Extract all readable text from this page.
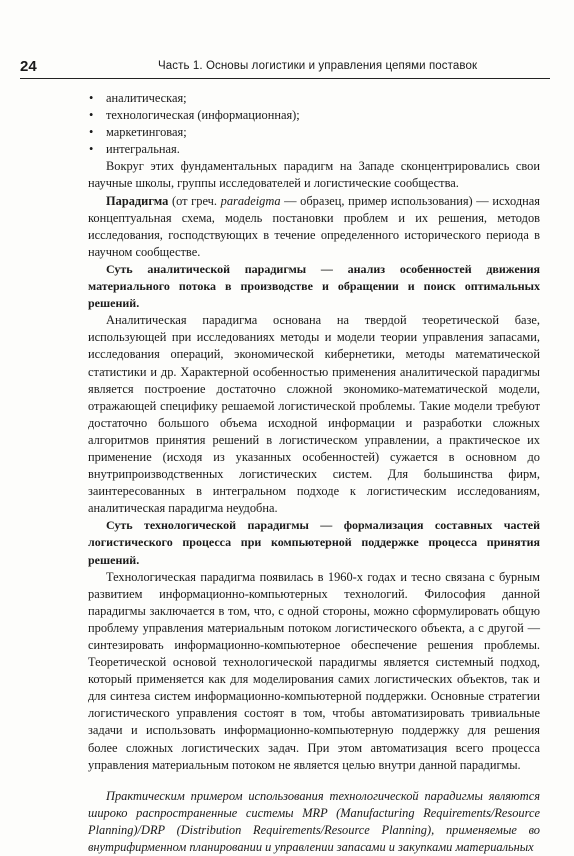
24	Часть 1. Основы логистики и управления цепями поставок
• аналитическая;
• технологическая (информационная);
• маркетинговая;
• интегральная.

Вокруг этих фундаментальных парадигм на Западе сконцентрировались свои научные школы, группы исследователей и логистические сообщества.

Парадигма (от греч. paradeigma — образец, пример использования) — исходная концептуальная схема, модель постановки проблем и их решения, методов исследования, господствующих в течение определенного исторического периода в научном сообществе.

Суть аналитической парадигмы — анализ особенностей движения материального потока в производстве и обращении и поиск оптимальных решений.

Аналитическая парадигма основана на твердой теоретической базе, использующей при исследованиях методы и модели теории управления запасами, исследования операций, экономической кибернетики, методы математической статистики и др. Характерной особенностью применения аналитической парадигмы является построение достаточно сложной экономико-математической модели, отражающей специфику решаемой логистической проблемы. Такие модели требуют достаточно большого объема исходной информации и разработки сложных алгоритмов принятия решений в логистическом управлении, а практическое их применение (исходя из указанных особенностей) сужается в основном до внутрипроизводственных логистических систем. Для большинства фирм, заинтересованных в интегральном подходе к логистическим исследованиям, аналитическая парадигма неудобна.

Суть технологической парадигмы — формализация составных частей логистического процесса при компьютерной поддержке процесса принятия решений.

Технологическая парадигма появилась в 1960-х годах и тесно связана с бурным развитием информационно-компьютерных технологий. Философия данной парадигмы заключается в том, что, с одной стороны, можно сформулировать общую проблему управления материальным потоком логистического объекта, а с другой — синтезировать информационно-компьютерное обеспечение решения проблемы. Теоретической основой технологической парадигмы является системный подход, который применяется как для моделирования самих логистических объектов, так и для синтеза систем информационно-компьютерной поддержки. Основные стратегии логистического управления состоят в том, чтобы автоматизировать тривиальные задачи и использовать информационно-компьютерную поддержку для решения более сложных логистических задач. При этом автоматизация всего процесса управления материальным потоком не является целью внутри данной парадигмы.

Практическим примером использования технологической парадигмы являются широко распространенные системы MRP (Manufacturing Requirements/Resource Planning)/DRP (Distribution Requirements/Resource Planning), применяемые во внутрифирменном планировании и управлении запасами и закупками материальных
